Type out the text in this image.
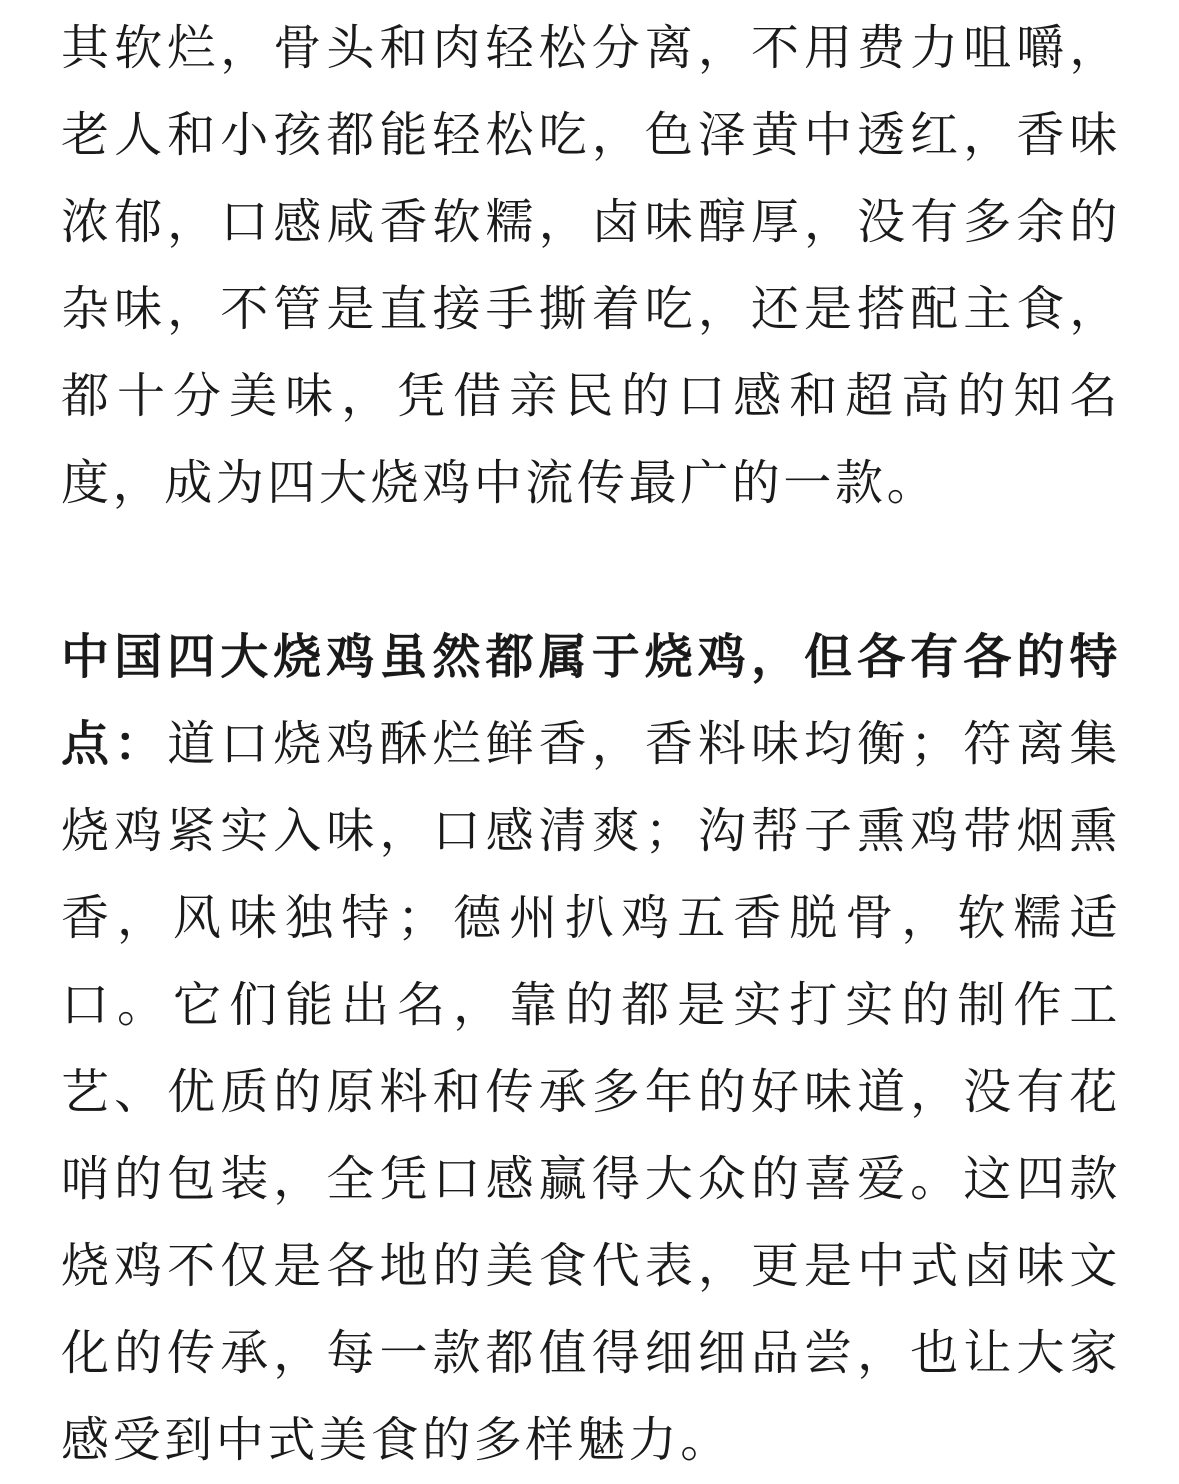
其软烂，骨头和肉轻松分离，不用费力咀嚼，老人和小孩都能轻松吃，色泽黄中透红，香味浓郁，口感咸香软糯，卤味醇厚，没有多余的杂味，不管是直接手撕着吃，还是搭配主食，都十分美味，凭借亲民的口感和超高的知名度，成为四大烧鸡中流传最广的一款。

中国四大烧鸡虽然都属于烧鸡，但各有各的特点：道口烧鸡酥烂鲜香，香料味均衡；符离集烧鸡紧实入味，口感清爽；沟帮子熏鸡带烟熏香，风味独特；德州扒鸡五香脱骨，软糯适口。它们能出名，靠的都是实打实的制作工艺、优质的原料和传承多年的好味道，没有花哨的包装，全凭口感赢得大众的喜爱。这四款烧鸡不仅是各地的美食代表，更是中式卤味文化的传承，每一款都值得细细品尝，也让大家感受到中式美食的多样魅力。
